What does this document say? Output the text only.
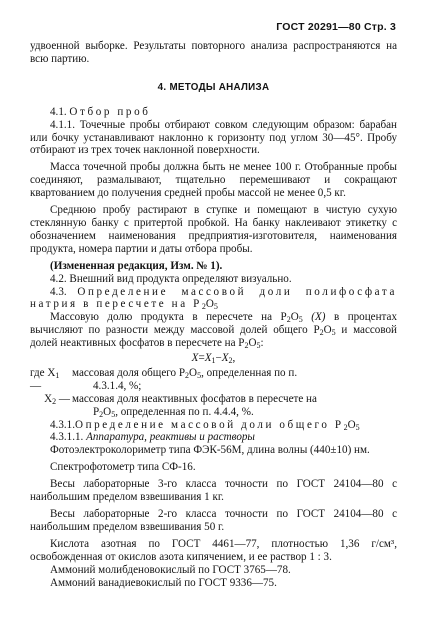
ГОСТ 20291—80 Стр. 3

удвоенной выборке. Результаты повторного анализа распространяются на всю партию.

4. МЕТОДЫ АНАЛИЗА

4.1. Отбор проб

4.1.1. Точечные пробы отбирают совком следующим образом: барабан или бочку устанавливают наклонно к горизонту под углом 30—45°. Пробу отбирают из трех точек наклонной поверхности.

Масса точечной пробы должна быть не менее 100 г. Отобранные пробы соединяют, размалывают, тщательно перемешивают и сокращают квартованием до получения средней пробы массой не менее 0,5 кг.

Среднюю пробу растирают в ступке и помещают в чистую сухую стеклянную банку с притертой пробкой. На банку наклеивают этикетку с обозначением наименования предприятия-изготовителя, наименования продукта, номера партии и даты отбора пробы.

(Измененная редакция, Изм. № 1).

4.2. Внешний вид продукта определяют визуально.

4.3. Определение массовой доли полифосфата натрия в пересчете на $P_2O_5$

Массовую долю продукта в пересчете на $P_2O_5$ (X) в процентах вычисляют по разности между массовой долей общего $P_2O_5$ и массовой долей неактивных фосфатов в пересчете на $P_2O_5$:

$X=X_1-X_2$,

где $X_1$ —
массовая доля общего $P_2O_5$, определенная по п.
4.3.1.4, %;
$X_2$ — массовая доля неактивных фосфатов в пересчете на
$P_2O_5$, определенная по п. 4.4.4, %.

4.3.1.Определение массовой доли общего $P_2O_5$

4.3.1.1. Аппаратура, реактивы и растворы

Фотоэлектроколориметр типа ФЭК-56М, длина волны (440±10) нм.

Спектрофотометр типа СФ-16.

Весы лабораторные 3-го класса точности по ГОСТ 24104—80 с наибольшим пределом взвешивания 1 кг.

Весы лабораторные 2-го класса точности по ГОСТ 24104—80 с наибольшим пределом взвешивания 50 г.

Кислота азотная по ГОСТ 4461—77, плотностью 1,36 г/см³, освобожденная от окислов азота кипячением, и ее раствор 1 : 3.

Аммоний молибденовокислый по ГОСТ 3765—78.

Аммоний ванадиевокислый по ГОСТ 9336—75.
